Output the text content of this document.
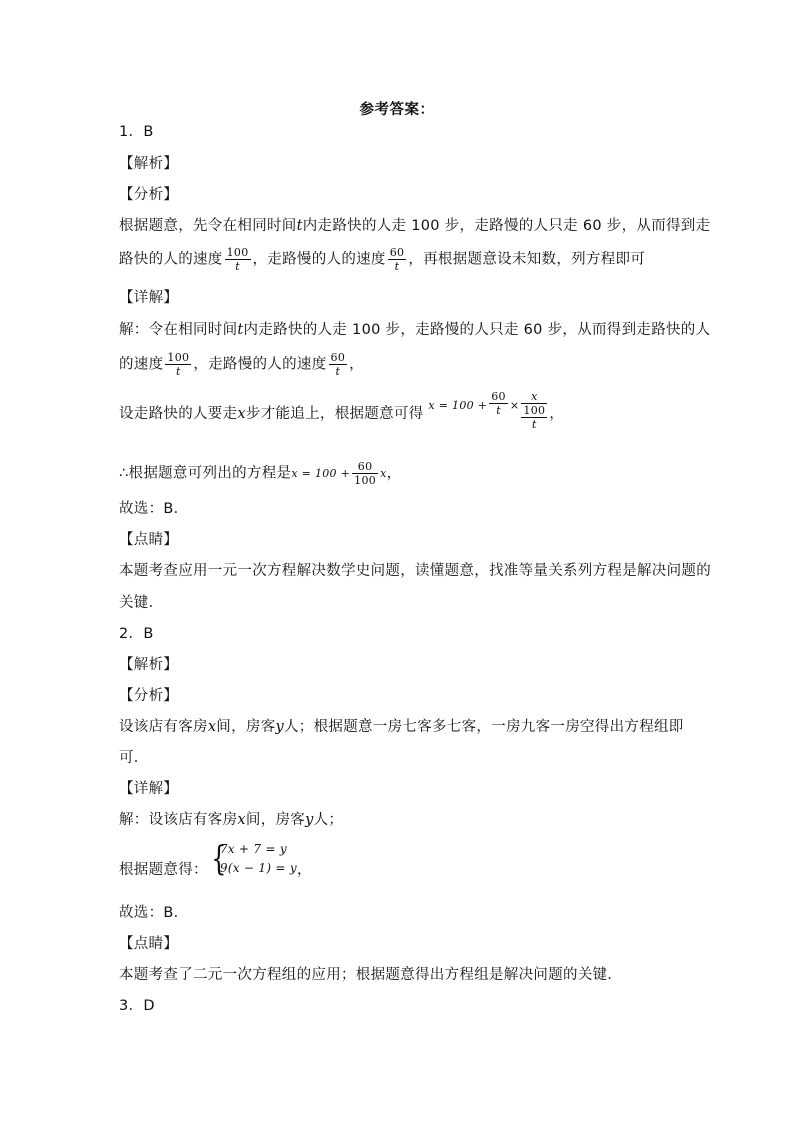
参考答案：
1．B
【解析】
【分析】
根据题意，先令在相同时间t内走路快的人走 100 步，走路慢的人只走 60 步，从而得到走
路快的人的速度 $\frac{100}{t}$ ，走路慢的人的速度 $\frac{60}{t}$ ，再根据题意设未知数，列方程即可
【详解】
解：令在相同时间t内走路快的人走 100 步，走路慢的人只走 60 步，从而得到走路快的人
的速度 $\frac{100}{t}$ ，走路慢的人的速度 $\frac{60}{t}$ ，
设走路快的人要走x步才能追上，根据题意可得 $x = 100 + \frac{60}{t} \times \frac{x}{\frac{100}{t}}$ ，
∴根据题意可列出的方程是$x = 100 + \frac{60}{100}$ x，
故选：B．
【点睛】
本题考查应用一元一次方程解决数学史问题，读懂题意，找准等量关系列方程是解决问题的
关键．
2．B
【解析】
【分析】
设该店有客房x间，房客y人；根据题意一房七客多七客，一房九客一房空得出方程组即
可．
【详解】
解：设该店有客房x间，房客y人；
根据题意得： {
7x + 7 = y
9(x − 1) = y ，
故选：B．
【点睛】
本题考查了二元一次方程组的应用；根据题意得出方程组是解决问题的关键．
3．D
